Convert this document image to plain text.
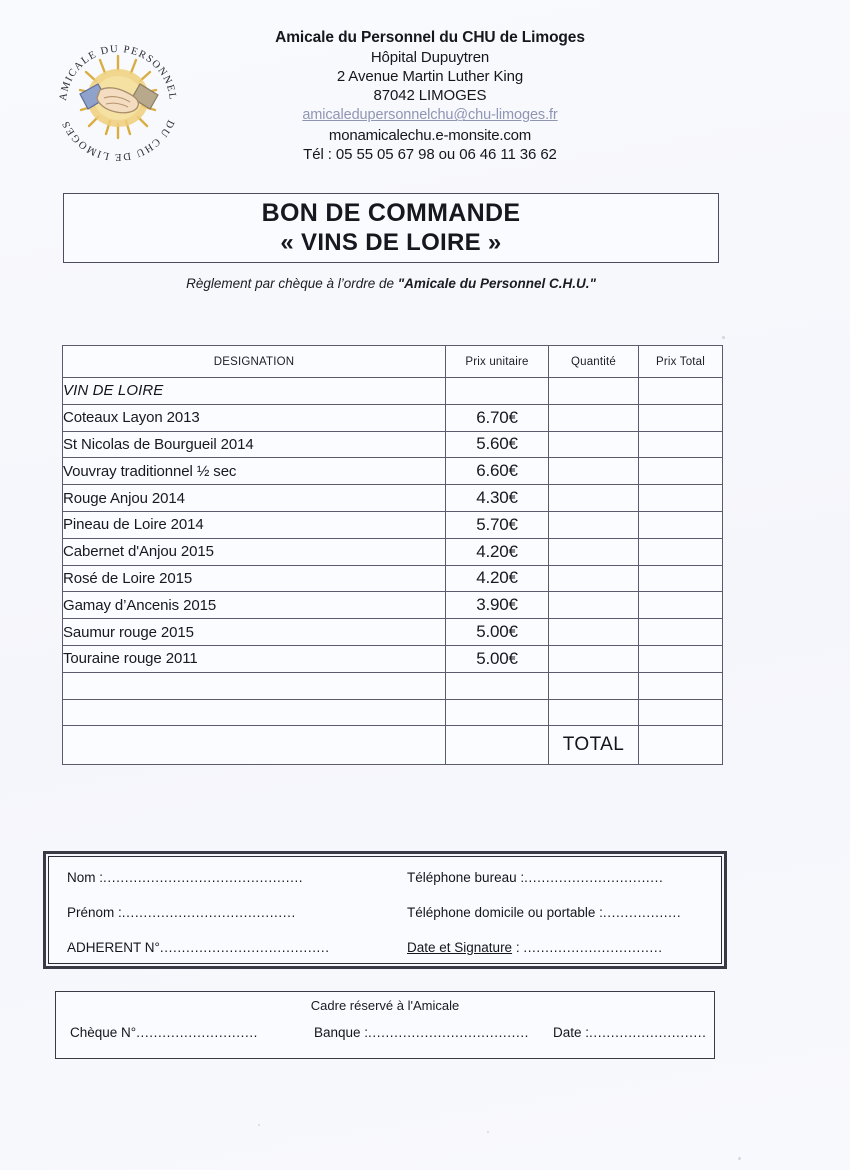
AMICALE DU PERSONNEL
DU CHU DE LIMOGES
Amicale du Personnel du CHU de Limoges
Hôpital Dupuytren
2 Avenue Martin Luther King
87042 LIMOGES
amicaledupersonnelchu@chu-limoges.fr
monamicalechu.e-monsite.com
Tél : 05 55 05 67 98 ou 06 46 11 36 62
BON DE COMMANDE
« VINS DE LOIRE »
Règlement par chèque à l’ordre de "Amicale du Personnel C.H.U."
DESIGNATION	Prix unitaire	Quantité	Prix Total
VIN DE LOIRE			
Coteaux Layon 2013	6.70€		
St Nicolas de Bourgueil 2014	5.60€		
Vouvray traditionnel ½ sec	6.60€		
Rouge Anjou 2014	4.30€		
Pineau de Loire 2014	5.70€		
Cabernet d'Anjou 2015	4.20€		
Rosé de Loire 2015	4.20€		
Gamay d’Ancenis 2015	3.90€		
Saumur rouge 2015	5.00€		
Touraine rouge 2011	5.00€		

		TOTAL	
Nom :..............................................	Téléphone bureau :................................
Prénom :........................................	Téléphone domicile ou portable :..................
ADHERENT N°.......................................	Date et Signature : ................................
Cadre réservé à l'Amicale
Chèque N°............................	Banque :..................................... Date :...........................
